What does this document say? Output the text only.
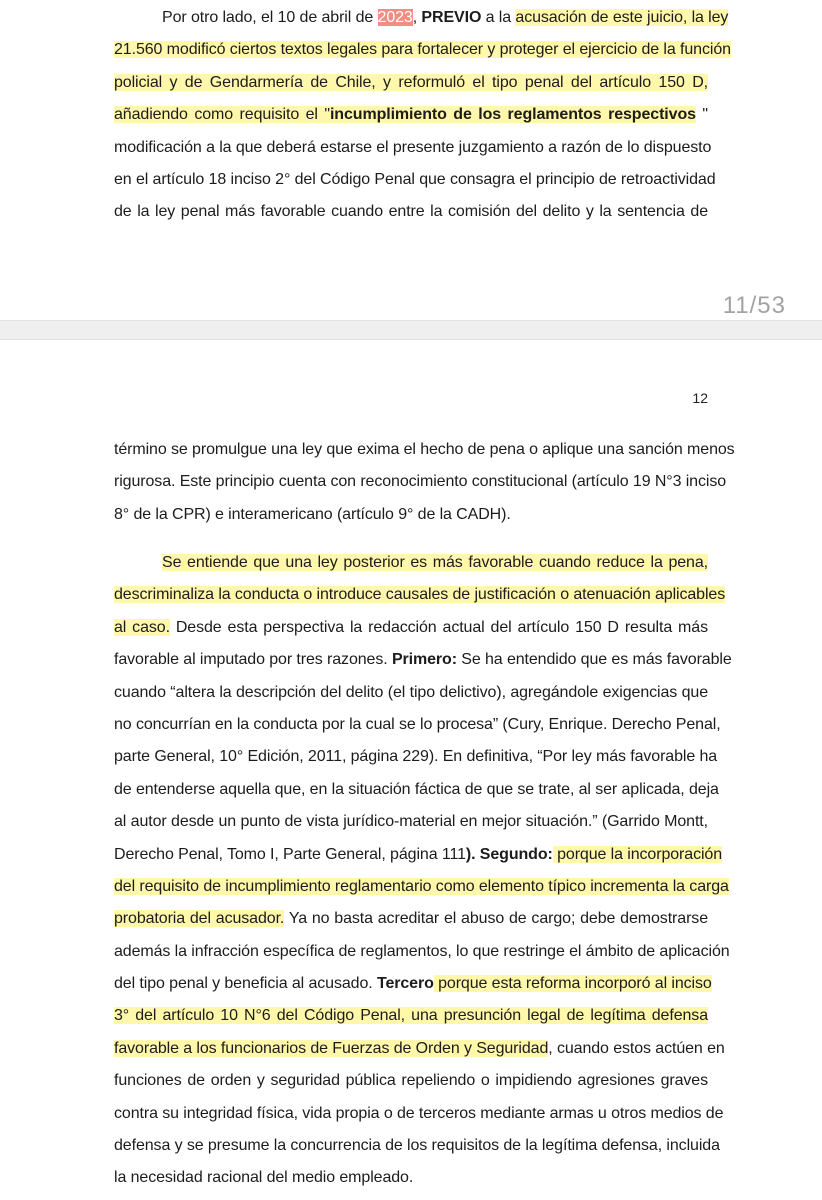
Por otro lado, el 10 de abril de 2023, PREVIO a la acusación de este juicio, la ley
21.560 modificó ciertos textos legales para fortalecer y proteger el ejercicio de la función
policial y de Gendarmería de Chile, y reformuló el tipo penal del artículo 150 D,
añadiendo como requisito el "incumplimiento de los reglamentos respectivos "
modificación a la que deberá estarse el presente juzgamiento a razón de lo dispuesto
en el artículo 18 inciso 2° del Código Penal que consagra el principio de retroactividad
de la ley penal más favorable cuando entre la comisión del delito y la sentencia de
11/53
12
término se promulgue una ley que exima el hecho de pena o aplique una sanción menos
rigurosa. Este principio cuenta con reconocimiento constitucional (artículo 19 N°3 inciso
8° de la CPR) e interamericano (artículo 9° de la CADH).
Se entiende que una ley posterior es más favorable cuando reduce la pena,
descriminaliza la conducta o introduce causales de justificación o atenuación aplicables
al caso. Desde esta perspectiva la redacción actual del artículo 150 D resulta más
favorable al imputado por tres razones. Primero: Se ha entendido que es más favorable
cuando “altera la descripción del delito (el tipo delictivo), agregándole exigencias que
no concurrían en la conducta por la cual se lo procesa” (Cury, Enrique. Derecho Penal,
parte General, 10° Edición, 2011, página 229). En definitiva, “Por ley más favorable ha
de entenderse aquella que, en la situación fáctica de que se trate, al ser aplicada, deja
al autor desde un punto de vista jurídico-material en mejor situación.” (Garrido Montt,
Derecho Penal, Tomo I, Parte General, página 111). Segundo: porque la incorporación
del requisito de incumplimiento reglamentario como elemento típico incrementa la carga
probatoria del acusador. Ya no basta acreditar el abuso de cargo; debe demostrarse
además la infracción específica de reglamentos, lo que restringe el ámbito de aplicación
del tipo penal y beneficia al acusado. Tercero porque esta reforma incorporó al inciso
3° del artículo 10 N°6 del Código Penal, una presunción legal de legítima defensa
favorable a los funcionarios de Fuerzas de Orden y Seguridad, cuando estos actúen en
funciones de orden y seguridad pública repeliendo o impidiendo agresiones graves
contra su integridad física, vida propia o de terceros mediante armas u otros medios de
defensa y se presume la concurrencia de los requisitos de la legítima defensa, incluida
la necesidad racional del medio empleado.
